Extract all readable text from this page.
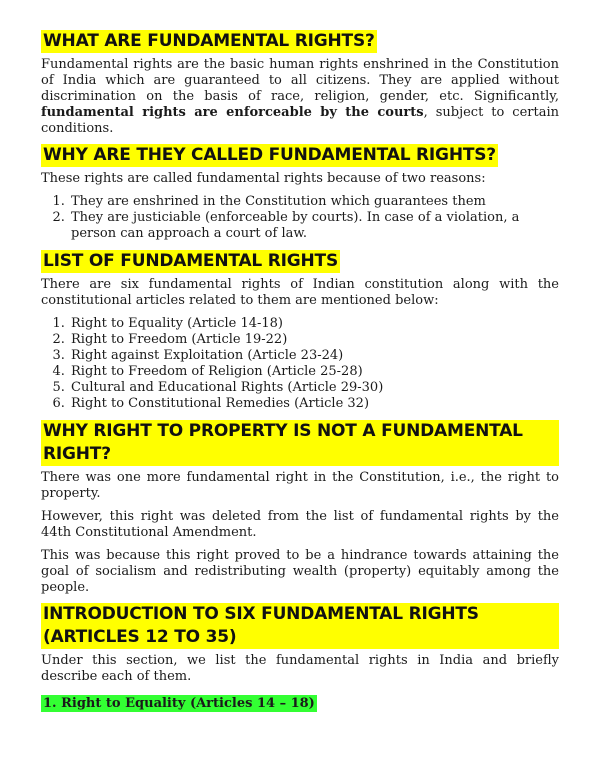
WHAT ARE FUNDAMENTAL RIGHTS?

Fundamental rights are the basic human rights enshrined in the Constitution of India which are guaranteed to all citizens. They are applied without discrimination on the basis of race, religion, gender, etc. Significantly, fundamental rights are enforceable by the courts, subject to certain conditions.

WHY ARE THEY CALLED FUNDAMENTAL RIGHTS?

These rights are called fundamental rights because of two reasons:

1. They are enshrined in the Constitution which guarantees them
2. They are justiciable (enforceable by courts). In case of a violation, a person can approach a court of law.
LIST OF FUNDAMENTAL RIGHTS

There are six fundamental rights of Indian constitution along with the constitutional articles related to them are mentioned below:

1. Right to Equality (Article 14-18)
2. Right to Freedom (Article 19-22)
3. Right against Exploitation (Article 23-24)
4. Right to Freedom of Religion (Article 25-28)
5. Cultural and Educational Rights (Article 29-30)
6. Right to Constitutional Remedies (Article 32)
WHY RIGHT TO PROPERTY IS NOT A FUNDAMENTAL RIGHT?

There was one more fundamental right in the Constitution, i.e., the right to property.

However, this right was deleted from the list of fundamental rights by the 44th Constitutional Amendment.

This was because this right proved to be a hindrance towards attaining the goal of socialism and redistributing wealth (property) equitably among the people.

INTRODUCTION TO SIX FUNDAMENTAL RIGHTS (ARTICLES 12 TO 35)

Under this section, we list the fundamental rights in India and briefly describe each of them.

1. Right to Equality (Articles 14 – 18)
